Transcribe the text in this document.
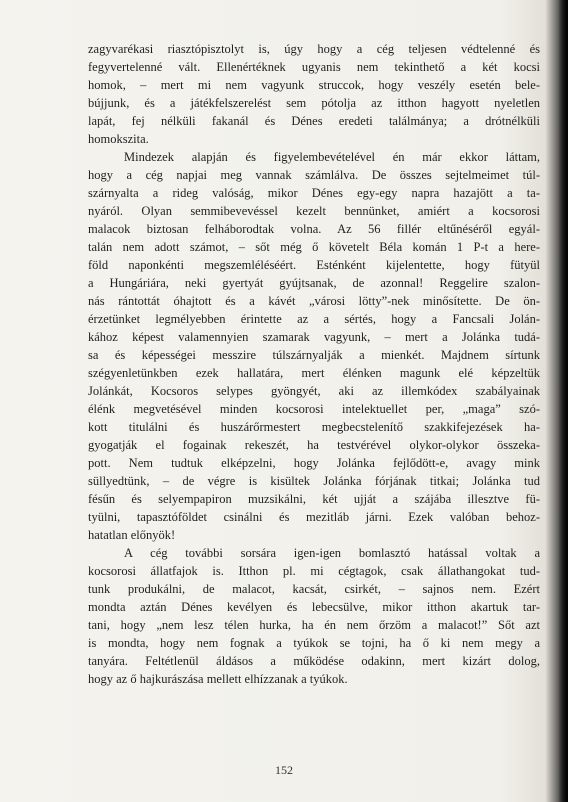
zagyvarékasi riasztópisztolyt is, úgy hogy a cég teljesen védtelenné és
fegyvertelenné vált. Ellenértéknek ugyanis nem tekinthető a két kocsi
homok, – mert mi nem vagyunk struccok, hogy veszély esetén bele-
bújjunk, és a játékfelszerelést sem pótolja az itthon hagyott nyeletlen
lapát, fej nélküli fakanál és Dénes eredeti találmánya; a drótnélküli
homokszita.
Mindezek alapján és figyelembevételével én már ekkor láttam,
hogy a cég napjai meg vannak számlálva. De összes sejtelmeimet túl-
szárnyalta a rideg valóság, mikor Dénes egy-egy napra hazajött a ta-
nyáról. Olyan semmibevevéssel kezelt bennünket, amiért a kocsorosi
malacok biztosan felháborodtak volna. Az 56 fillér eltűnéséről egyál-
talán nem adott számot, – sőt még ő követelt Béla komán 1 P-t a here-
föld naponkénti megszemléléséért. Esténként kijelentette, hogy fütyül
a Hungáriára, neki gyertyát gyújtsanak, de azonnal! Reggelire szalon-
nás rántottát óhajtott és a kávét „városi lötty”-nek minősítette. De ön-
érzetünket legmélyebben érintette az a sértés, hogy a Fancsali Jolán-
kához képest valamennyien szamarak vagyunk, – mert a Jolánka tudá-
sa és képességei messzire túlszárnyalják a mienkét. Majdnem sírtunk
szégyenletünkben ezek hallatára, mert élénken magunk elé képzeltük
Jolánkát, Kocsoros selypes gyöngyét, aki az illemkódex szabályainak
élénk megvetésével minden kocsorosi intelektuellet per, „maga” szó-
kott titulálni és huszárőrmestert megbecstelenítő szakkifejezések ha-
gyogatják el fogainak rekeszét, ha testvérével olykor-olykor összeka-
pott. Nem tudtuk elképzelni, hogy Jolánka fejlődött-e, avagy mink
süllyedtünk, – de végre is kisültek Jolánka fórjának titkai; Jolánka tud
fésűn és selyempapiron muzsikálni, két ujját a szájába illesztve fü-
tyülni, tapasztóföldet csinálni és mezitláb járni. Ezek valóban behoz-
hatatlan előnyök!
A cég további sorsára igen-igen bomlasztó hatással voltak a
kocsorosi állatfajok is. Itthon pl. mi cégtagok, csak állathangokat tud-
tunk produkálni, de malacot, kacsát, csirkét, – sajnos nem. Ezért
mondta aztán Dénes kevélyen és lebecsülve, mikor itthon akartuk tar-
tani, hogy „nem lesz télen hurka, ha én nem őrzöm a malacot!” Sőt azt
is mondta, hogy nem fognak a tyúkok se tojni, ha ő ki nem megy a
tanyára. Feltétlenül áldásos a működése odakinn, mert kizárt dolog,
hogy az ő hajkurászása mellett elhízzanak a tyúkok.
152
